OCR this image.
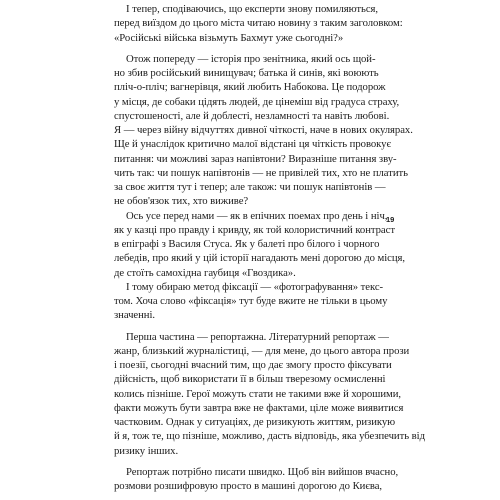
І тепер, сподіваючись, що експерти знову помиляються,
перед виїздом до цього міста читаю новину з таким заголовком:
«Російські війська візьмуть Бахмут уже сьогодні?»
Отож попереду — історія про зенітника, який ось щой-
но збив російський винищувач; батька й синів, які воюють
пліч-о-пліч; вагнерівця, який любить Набокова. Це подорож
у місця, де собаки цідять людей, де цінеміш від градуса страху,
спустошеності, але й доблесті, незламності та навіть любові.
Я — через війну відчуттях дивної чіткості, наче в нових окулярах.
Ще й унаслідок критично малої відстані ця чіткість провокує
питання: чи можливі зараз напівтони? Виразніше питання зву-
чить так: чи пошук напівтонів — не привілей тих, хто не платить
за своє життя тут і тепер; але також: чи пошук напівтонів —
не обов'язок тих, хто виживе?
Ось усе перед нами — як в епічних поемах про день і ніч,
як у казці про правду і кривду, як той колористичний контраст
в епіграфі з Василя Стуса. Як у балеті про білого і чорного
лебедів, про який у цій історії нагадають мені дорогою до місця,
де стоїть самохідна гаубиця «Гвоздика».
І тому обираю метод фіксації — «фотографування» текс-
том. Хоча слово «фіксація» тут буде вжите не тільки в цьому
значенні.
Перша частина — репортажна. Літературний репортаж —
жанр, близький журналістиці, — для мене, до цього автора прози
і поезії, сьогодні вчасний тим, що дає змогу просто фіксувати
дійсність, щоб використати її в більш тверезому осмисленні
колись пізніше. Герої можуть стати не такими вже й хорошими,
факти можуть бути завтра вже не фактами, ціле може виявитися
частковим. Однак у ситуаціях, де ризикують життям, ризикую
й я, тож те, що пізніше, можливо, дасть відповідь, яка убезпечить від
ризику інших.
Репортаж потрібно писати швидко. Щоб він вийшов вчасно,
розмови розшифровую просто в машині дорогою до Києва,
19
